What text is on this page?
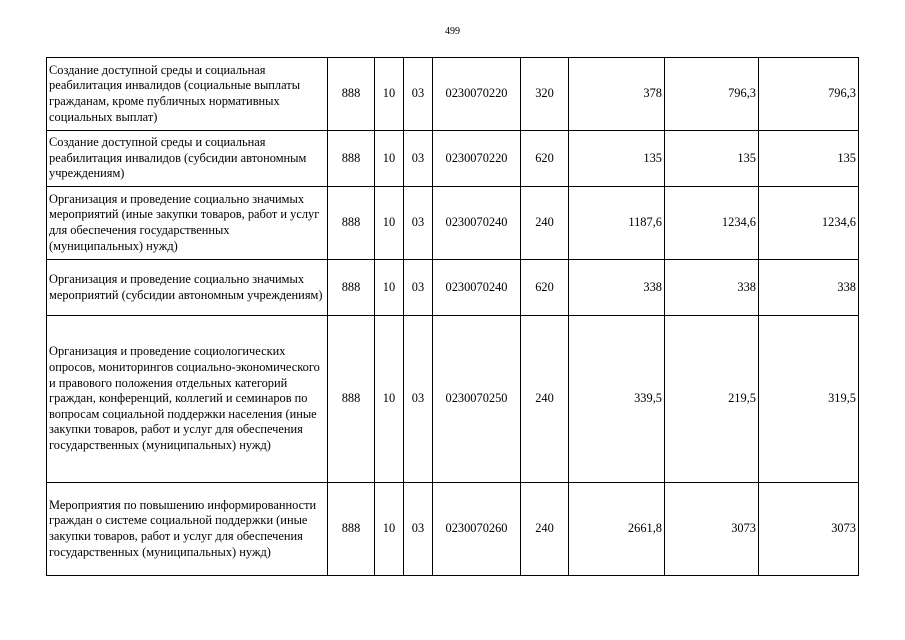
499
Создание доступной среды и социальная реабилитация инвалидов (социальные выплаты гражданам, кроме публичных нормативных социальных выплат)	888	10	03	0230070220	320	378	796,3	796,3
Создание доступной среды и социальная реабилитация инвалидов (субсидии автономным учреждениям)	888	10	03	0230070220	620	135	135	135
Организация и проведение социально значимых мероприятий (иные закупки товаров, работ и услуг для обеспечения государственных (муниципальных) нужд)	888	10	03	0230070240	240	1187,6	1234,6	1234,6
Организация и проведение социально значимых мероприятий (субсидии автономным учреждениям)	888	10	03	0230070240	620	338	338	338
Организация и проведение социологических опросов, мониторингов социально-экономического и правового положения отдельных категорий граждан, конференций, коллегий и семинаров по вопросам социальной поддержки населения (иные закупки товаров, работ и услуг для обеспечения государственных (муниципальных) нужд)	888	10	03	0230070250	240	339,5	219,5	319,5
Мероприятия по повышению информированности граждан о системе социальной поддержки (иные закупки товаров, работ и услуг для обеспечения государственных (муниципальных) нужд)	888	10	03	0230070260	240	2661,8	3073	3073
